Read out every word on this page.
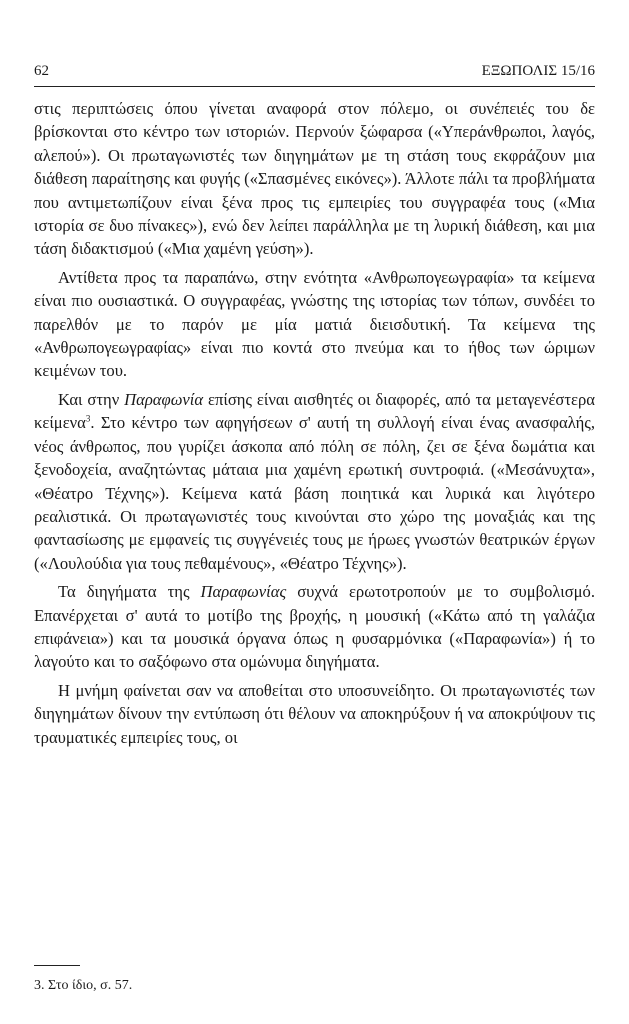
62	ΕΞΩΠΟΛΙΣ 15/16

στις περιπτώσεις όπου γίνεται αναφορά στον πόλεμο, οι συνέπειές του δε βρίσκονται στο κέντρο των ιστοριών. Περνούν ξώφαρσα («Υπεράνθρωποι, λαγός, αλεπού»). Οι πρωταγωνιστές των διηγημάτων με τη στάση τους εκφράζουν μια διάθεση παραίτησης και φυγής («Σπασμένες εικόνες»). Άλλοτε πάλι τα προβλήματα που αντιμετωπίζουν είναι ξένα προς τις εμπειρίες του συγγραφέα τους («Μια ιστορία σε δυο πίνακες»), ενώ δεν λείπει παράλληλα με τη λυρική διάθεση, και μια τάση διδακτισμού («Μια χαμένη γεύση»).

Αντίθετα προς τα παραπάνω, στην ενότητα «Ανθρωπογεωγραφία» τα κείμενα είναι πιο ουσιαστικά. Ο συγγραφέας, γνώστης της ιστορίας των τόπων, συνδέει το παρελθόν με το παρόν με μία ματιά διεισδυτική. Τα κείμενα της «Ανθρωπογεωγραφίας» είναι πιο κοντά στο πνεύμα και το ήθος των ώριμων κειμένων του.

Και στην Παραφωνία επίσης είναι αισθητές οι διαφορές, από τα μεταγενέστερα κείμενα$^3$. Στο κέντρο των αφηγήσεων σ' αυτή τη συλλογή είναι ένας ανασφαλής, νέος άνθρωπος, που γυρίζει άσκοπα από πόλη σε πόλη, ζει σε ξένα δωμάτια και ξενοδοχεία, αναζητώντας μάταια μια χαμένη ερωτική συντροφιά. («Μεσάνυχτα», «Θέατρο Τέχνης»). Κείμενα κατά βάση ποιητικά και λυρικά και λιγότερο ρεαλιστικά. Οι πρωταγωνιστές τους κινούνται στο χώρο της μοναξιάς και της φαντασίωσης με εμφανείς τις συγγένειές τους με ήρωες γνωστών θεατρικών έργων («Λουλούδια για τους πεθαμένους», «Θέατρο Τέχνης»).

Τα διηγήματα της Παραφωνίας συχνά ερωτοτροπούν με το συμβολισμό. Επανέρχεται σ' αυτά το μοτίβο της βροχής, η μουσική («Κάτω από τη γαλάζια επιφάνεια») και τα μουσικά όργανα όπως η φυσαρμόνικα («Παραφωνία») ή το λαγούτο και το σαξόφωνο στα ομώνυμα διηγήματα.

Η μνήμη φαίνεται σαν να αποθείται στο υποσυνείδητο. Οι πρωταγωνιστές των διηγημάτων δίνουν την εντύπωση ότι θέλουν να αποκηρύξουν ή να αποκρύψουν τις τραυματικές εμπειρίες τους, οι

3. Στο ίδιο, σ. 57.
